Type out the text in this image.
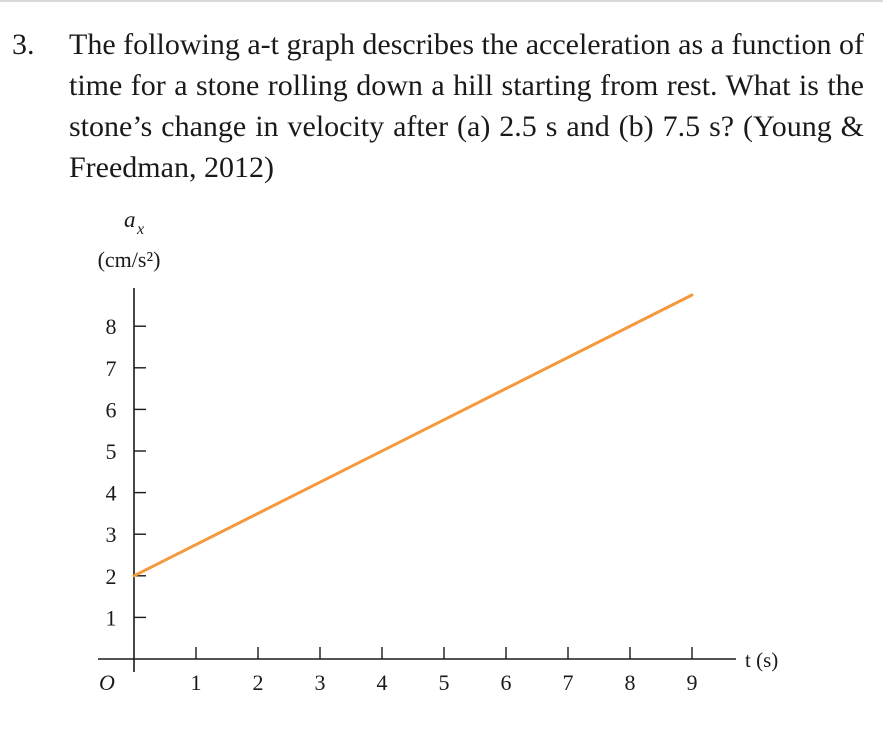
3.	The following a-t graph describes the acceleration as a function of time for a stone rolling down a hill starting from rest. What is the stone’s change in velocity after (a) 2.5 s and (b) 7.5 s? (Young & Freedman, 2012)
a x
(cm/s²)
O
t (s)
1
2
3
4
5
6
7
8
1 2 3 4 5 6 7 8 9
